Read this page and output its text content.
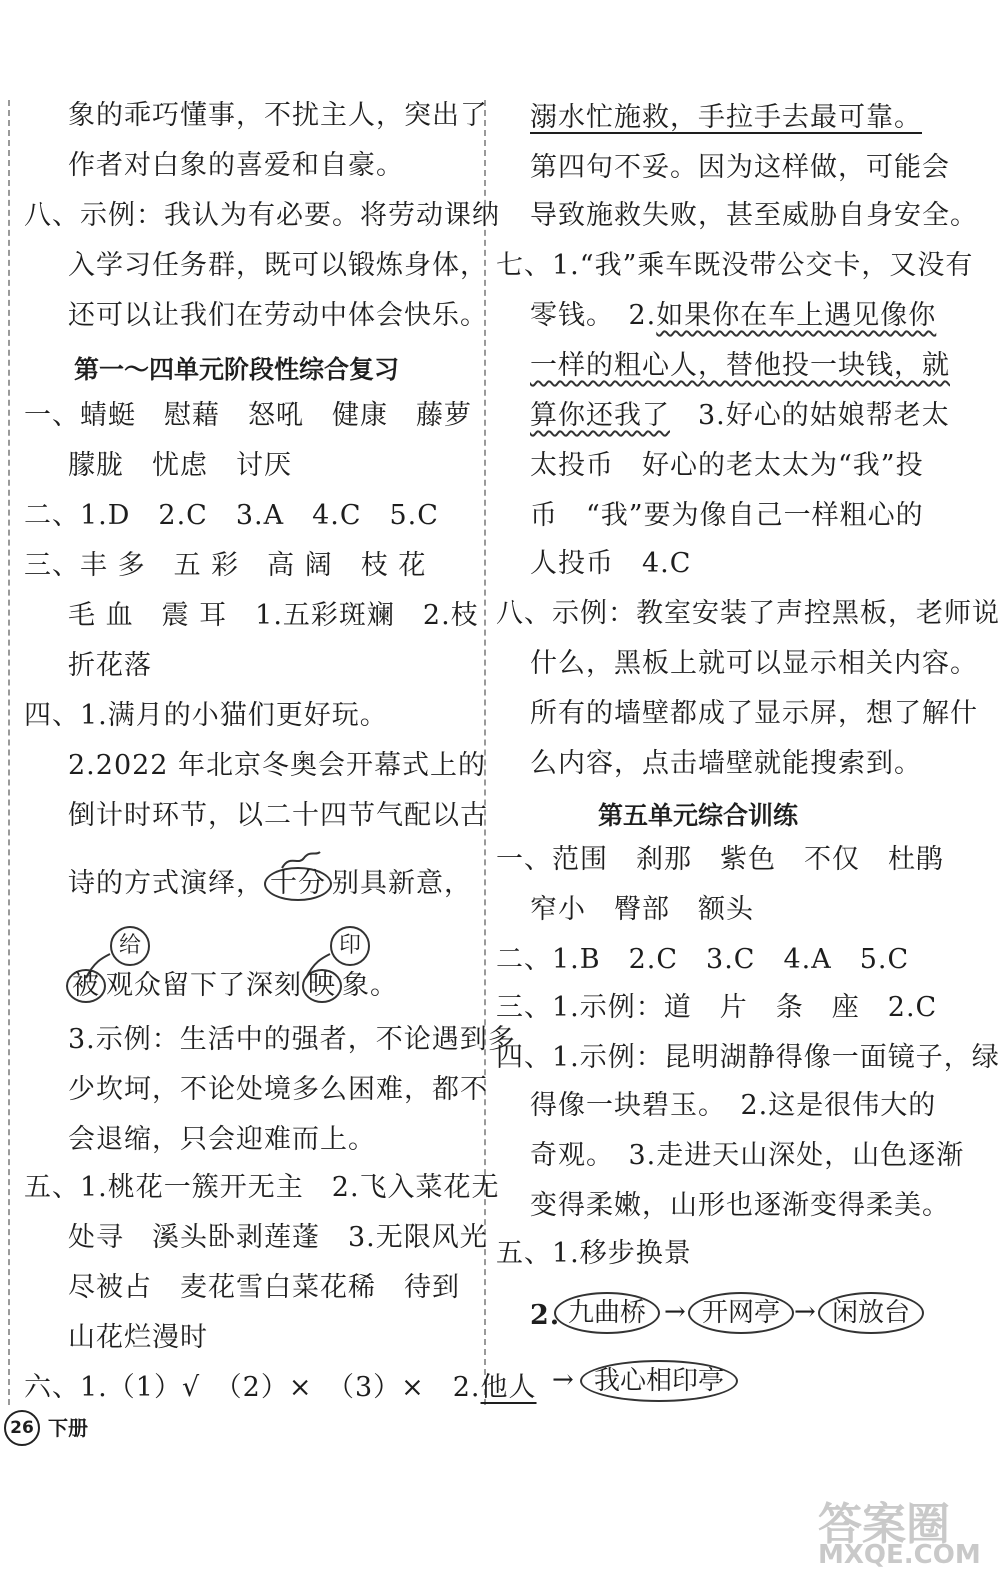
象的乖巧懂事，不扰主人，突出了
作者对白象的喜爱和自豪。
八、示例：我认为有必要。将劳动课纳
入学习任务群，既可以锻炼身体，
还可以让我们在劳动中体会快乐。
第一～四单元阶段性综合复习
一、蜻蜓　慰藉　怒吼　健康　藤萝
朦胧　忧虑　讨厌
二、1.D　2.C　3.A　4.C　5.C
三、丰 多　五 彩　高 阔　枝 花
毛 血　震 耳　1.五彩斑斓　2.枝
折花落
四、1.满月的小猫们更好玩。
2.2022 年北京冬奥会开幕式上的
倒计时环节，以二十四节气配以古
诗的方式演绎， 十分 别具新意，
给	印
被 观众留下了深刻 映 象。
3.示例：生活中的强者，不论遇到多
少坎坷，不论处境多么困难，都不
会退缩，只会迎难而上。
五、1.桃花一簇开无主　2.飞入菜花无
处寻　溪头卧剥莲蓬　3.无限风光
尽被占　麦花雪白菜花稀　待到
山花烂漫时
六、1.（1）√　（2）×　（3）×　2.他人
溺水忙施救，手拉手去最可靠。
第四句不妥。因为这样做，可能会
导致施救失败，甚至威胁自身安全。
七、1.“我”乘车既没带公交卡，又没有
零钱。　2.如果你在车上遇见像你
一样的粗心人，替他投一块钱，就
算你还我了　3.好心的姑娘帮老太
太投币　好心的老太太为“我”投
币　“我”要为像自己一样粗心的
人投币　4.C
八、示例：教室安装了声控黑板，老师说
什么，黑板上就可以显示相关内容。
所有的墙壁都成了显示屏，想了解什
么内容，点击墙壁就能搜索到。
第五单元综合训练
一、范围　刹那　紫色　不仅　杜鹃
窄小　臀部　额头
二、1.B　2.C　3.C　4.A　5.C
三、1.示例：道　片　条　座　2.C
四、1.示例：昆明湖静得像一面镜子，绿
得像一块碧玉。　2.这是很伟大的
奇观。　3.走进天山深处，山色逐渐
变得柔嫩，山形也逐渐变得柔美。
五、1.移步换景
2. 九曲桥 → 开网亭 → 闲放台
→ 我心相印亭
26 下册
答案圈
MXQE.COM
